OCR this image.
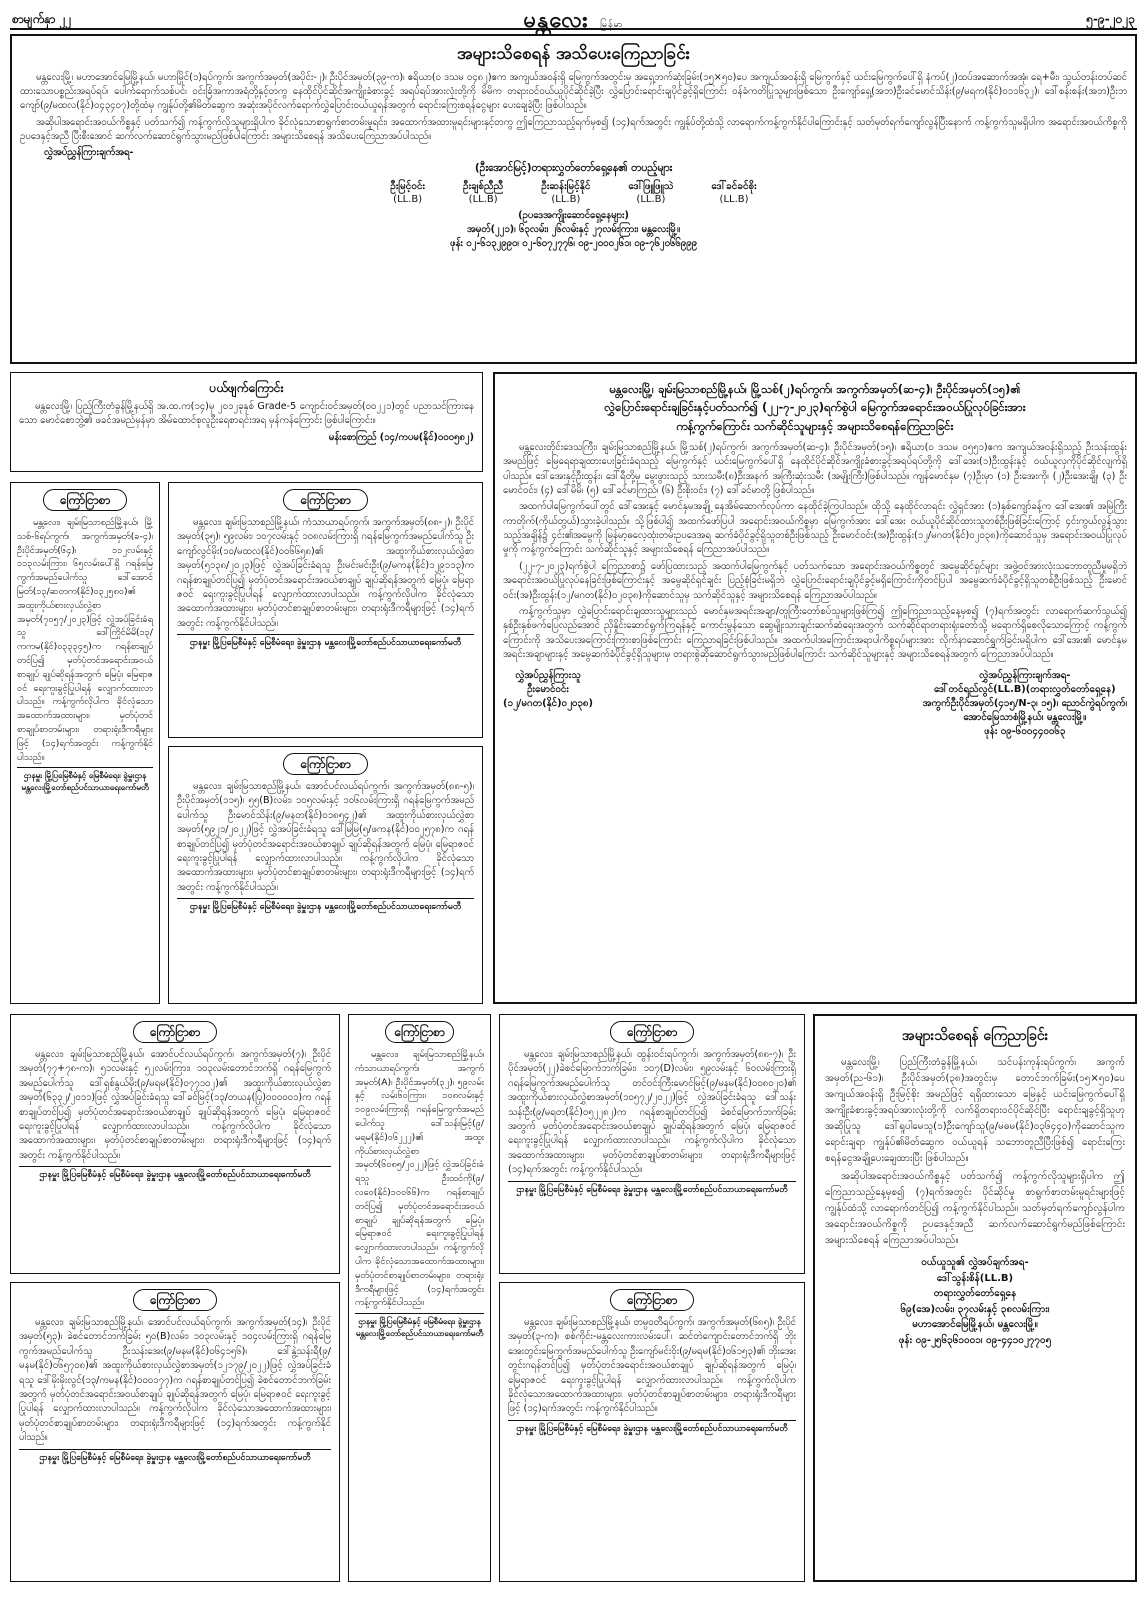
စာမျက်နှာ ၂၂	မန္တလေး မြန်မာ	၅-၉-၂၀၂၃
အများသိစေရန် အသိပေးကြေညာခြင်း
မန္တလေးမြို့၊ မဟာအောင်မြေမြို့နယ်၊ မဟာမြိုင်(၁)ရပ်ကွက်၊ အကွက်အမှတ်(အပိုင်း-၂)၊ ဦးပိုင်အမှတ်(၃၉-က)၊ ဧရိယာ(၀ ဒသမ ၀၄၈၂)ဧက အကျယ်အဝန်းရှိ မြေကွက်အတွင်းမှ အရှေ့ဘက်ဆုံးခြမ်း(၁၅×၅၀)ပေ အကျယ်အဝန်းရှိ မြေကွက်နှင့် ယင်းမြေကွက်ပေါ်ရှိ နံကပ်(၂)ထပ်အဆောက်အအုံ၊ ရေ+မီး၊ သွယ်တန်းတပ်ဆင်ထားသောပစ္စည်းအရပ်ရပ်၊ ပေါက်ရောက်သစ်ပင်၊ ဝင်းခြံအကာအရံတို့နှင့်တကွ နေထိုင်ပိုင်ဆိုင်အကျိုးခံစားခွင့် အရပ်ရပ်အားလုံးတို့ကို မိမိက တရားဝင်ဝယ်ယူပိုင်ဆိုင်ခဲ့ပြီး လွှဲပြောင်းရောင်းချပိုင်ခွင့်ရှိကြောင်း ဝန်ခံကတိပြုသူများဖြစ်သော ဦးကျော်ရှေ့(အဘ)ဦးခင်မောင်သိန်း(၉/မရက(နိုင်)၀၁၁၆၃၂)၊ ဒေါ်စန်းစန်း(အဘ)ဦးဘကျော်(၉/မထလ(နိုင်)၀၄၃၄၀၇)တို့ထံမှ ကျွန်ုပ်တို့၏မိတ်ဆွေက အဆုံးအပိုင်လက်ရောက်လွှဲပြောင်းဝယ်ယူရန်အတွက် ရောင်းကြေးစရန်ငွေများ ပေးချေခဲ့ပြီး ဖြစ်ပါသည်။
အဆိုပါအရောင်းအဝယ်ကိစ္စနှင့် ပတ်သက်၍ ကန့်ကွက်လိုသူများရှိပါက ခိုင်လုံသောစာရွက်စာတမ်းမူရင်း၊ အထောက်အထားမူရင်းများနှင့်တကွ ဤကြေညာသည့်ရက်မှစ၍ (၁၄)ရက်အတွင်း ကျွန်ုပ်တို့ထံသို့ လာရောက်ကန့်ကွက်နိုင်ပါကြောင်းနှင့် သတ်မှတ်ရက်ကျော်လွန်ပြီးနောက် ကန့်ကွက်သူမရှိပါက အရောင်းအဝယ်ကိစ္စကို ဥပဒေနှင့်အညီ ပြီးစီးအောင် ဆက်လက်ဆောင်ရွက်သွားမည်ဖြစ်ပါကြောင်း အများသိစေရန် အသိပေးကြေညာအပ်ပါသည်။
လွှဲအပ်ညွှန်ကြားချက်အရ-
(ဦးအောင်မြင့်)တရားလွှတ်တော်ရှေ့နေ၏ တပည့်များ
ဦးမြင့်ဝင်း
(LL.B)
ဦးချစ်ညီညီ
(LL.B)
ဦးဆန်းမြင့်နိုင်
(LL.B)
ဒေါ်ဖြူဖြူသဲ
(LL.B)
ဒေါ်ခင်ခင်စိုး
(LL.B)
(ဥပဒေအကျိုးဆောင်ရှေ့နေများ)
အမှတ်(၂၂၁)၊ ၆၃လမ်း၊ ၂၆လမ်းနှင့် ၂၇လမ်းကြား၊ မန္တလေးမြို့။
ဖုန်း ၀၂-၆၁၃၂၉၉၀၊ ၀၂-၆၀၇၂၇၇၆၊ ၀၉-၂၀၀၀၂၆၁၊ ၀၉-၇၆၂၀၆၆၉၉၉
ပယ်ဖျက်ကြောင်း
မန္တလေးမြို့၊ ပြည်ကြီးတံခွန်မြို့နယ်ရှိ အ.ထ.က(၁၄)မှ ၂၀၁၂ခုနှစ် Grade-5 ကျောင်းဝင်အမှတ်(၀၀၂၂၁)တွင် ပညာသင်ကြားနေသော မောင်စောဘွဲ့၏ ဖခင်အမည်မှန်မှာ အိမ်ထောင်စုလူဦးရေစာရင်းအရ မှန်ကန်ကြောင်း ဖြစ်ပါကြောင်း။
မန်းစောကြည် (၁၄/ကပမ(နိုင်)၀၀၀၅၈၂)
မန္တလေးမြို့၊ ချမ်းမြသာစည်မြို့နယ်၊ မြို့သစ်(၂)ရပ်ကွက်၊ အကွက်အမှတ်(ဆ-၄)၊ ဦးပိုင်အမှတ်(၁၅)၏
လွှဲပြောင်းရောင်းချခြင်းနှင့်ပတ်သက်၍ (၂၂-၇-၂၀၂၃)ရက်စွဲပါ မြေကွက်အရောင်းအဝယ်ပြုလုပ်ခြင်းအား
ကန့်ကွက်ကြောင်း သက်ဆိုင်သူများနှင့် အများသိစေရန်ကြေညာခြင်း
မန္တလေးတိုင်းဒေသကြီး၊ ချမ်းမြသာစည်မြို့နယ်၊ မြို့သစ်(၂)ရပ်ကွက်၊ အကွက်အမှတ်(ဆ-၄)၊ ဦးပိုင်အမှတ်(၁၅)၊ ဧရိယာ(၀ ဒသမ ၀၅၅၁)ဧက အကျယ်အဝန်းရှိသည့် ဦးသန်းထွန်းအမည်ဖြင့် မြေရေရာချထားပေးခြင်းခံရသည့် မြေကွက်နှင့် ယင်းမြေကွက်ပေါ်ရှိ နေထိုင်ပိုင်ဆိုင်အကျိုးခံစားခွင့်အရပ်ရပ်တို့ကို ဒေါ်အေး(၁)ဦးထွန်းနှင့် ဝယ်ယူလှကိုပိုင်ဆိုင်လျက်ရှိပါသည်။ ဒေါ်အေးနှင့်ဦးထွန်း၊ ဒေါ်ရီတို့မှ မွေးဖွားသည့် သားသမီး(၈)ဦးအနက် အကြီးဆုံးသမီး (အမျိုးကြီး)ဖြစ်ပါသည်။ ကျန်မောင်နှမ (၇)ဦးမှာ (၁) ဦးအေးကို၊ (၂)ဦးအေးချို၊ (၃) ဦးမောင်ဝင်း၊ (၄) ဒေါ်မိမိ၊ (၅) ဒေါ်ခင်မာကြည်၊ (၆) ဦးစိုးဝင်း၊ (၇) ဒေါ်ခင်မာတို့ ဖြစ်ပါသည်။
အထက်ပါမြေကွက်ပေါ်တွင် ဒေါ်အေးနှင့် မောင်နှမအချို့ နေအိမ်ဆောက်လုပ်ကာ နေထိုင်ခဲ့ကြပါသည်။ ထိုသို့ နေထိုင်လာရင်း လွှဲရှင်အား (၁)နှစ်ကျော်ခန့်က ဒေါ်အေး၏ အမြဲကြီးကာတိုက်(ကိုယ်တွယ်)သွားခဲ့ပါသည်။ သို့ဖြစ်ပါ၍ အထက်ဖော်ပြပါ အရောင်းအဝယ်ကိစ္စမှာ မြေကွက်အား ဒေါ်အေး ဝယ်ယူပိုင်ဆိုင်ထားသူတစ်ဦးဖြစ်ခြင်းကြောင့် ၄င်းကွယ်လွန်သွားသည့်အချိန်၌ ၄င်း၏အမွေကို မြန်မာ့ဓလေ့ထုံးတမ်းဥပဒေအရ ဆက်ခံပိုင်ခွင့်ရှိသူတစ်ဦးဖြစ်သည့် ဦးမောင်ဝင်း(အ)ဦးထွန်း(၁၂/မဂတ(နိုင်)၀၂၀၃၈)ကိုဆောင်သူမှ အရောင်းအဝယ်ပြုလုပ်မှုကို ကန့်ကွက်ကြောင်း သက်ဆိုင်သူနှင့် အများသိစေရန် ကြေညာအပ်ပါသည်။
(၂၂-၇-၂၀၂၃)ရက်စွဲပါ ကြေညာစာ၌ ဖော်ပြထားသည့် အထက်ပါမြေကွက်နှင့် ပတ်သက်သော အရောင်းအဝယ်ကိစ္စတွင် အမွေဆိုင်ရှင်များ အဖွဲ့ဝင်အားလုံးသဘောတူညီမှုမရှိဘဲ အရောင်းအဝယ်ပြုလုပ်နေခြင်းဖြစ်ကြောင်းနှင့် အမွေဆိုင်ရှင်ချင်း ပြည့်စုံခြင်းမရှိဘဲ လွှဲပြောင်းရောင်းချပိုင်ခွင့်မရှိကြောင်းကိုတင်ပြပါ အမွေဆက်ခံပိုင်ခွင့်ရှိသူတစ်ဦးဖြစ်သည့် ဦးမောင်ဝင်း(အ)ဦးထွန်း(၁၂/မဂတ(နိုင်)၀၂၀၃၈)ကိုဆောင်သူမှ သက်ဆိုင်သူနှင့် အများသိစေရန် ကြေညာအပ်ပါသည်။
ကန့်ကွက်သူမှာ လွှဲပြောင်းရောင်းချထားသူများသည် မောင်နှမအရင်းအချာ/တူကြီးတော်စပ်သူများဖြစ်ကြ၍ ဤကြေညာသည့်နေ့မှစ၍ (၇)ရက်အတွင်း လာရောက်ဆက်သွယ်၍ နှစ်ဦးနှစ်ဖက်ပြေလည်အောင် ညှိနှိုင်းဆောင်ရွက်ကြရန်နှင့် ကောင်းမွန်သော ဆွေမျိုးသားချင်းဆက်ဆံရေးအတွက် သက်ဆိုင်ရာတရားရုံးတော်သို့ မရောက်ရှိစေလိုသောကြောင့် ကန့်ကွက်ကြောင်းကို အသိပေးအကြောင်းကြားစာဖြစ်ကြောင်း ကြေညာရခြင်းဖြစ်ပါသည်။ အထက်ပါအကြောင်းအရာပါကိစ္စရပ်များအား လိုက်နာဆောင်ရွက်ခြင်းမရှိပါက ဒေါ်အေး၏ မောင်နှမအရင်းအချာများနှင့် အမွေဆက်ခံပိုင်ခွင့်ရှိသူများမှ တရားစွဲဆိုဆောင်ရွက်သွားမည်ဖြစ်ပါကြောင်း သက်ဆိုင်သူများနှင့် အများသိစေရန်အတွက် ကြေညာအပ်ပါသည်။
လွှဲအပ်ညွှန်ကြားသူ
ဦးမောင်ဝင်း
(၁၂/မဂတ(နိုင်)၀၂၀၃၈)
လွှဲအပ်ညွှန်ကြားချက်အရ-
ဒေါ်တင်ရည်လွင်(LL.B)(တရားလွှတ်တော်ရှေ့နေ)
အကွက်ဦးပိုင်အမှတ်(၄၁၅/N-၃၊ ၁၅)၊ ညောင်ကွဲရပ်ကွက်၊
အောင်မြေသာစံမြို့နယ်၊ မန္တလေးမြို့။
ဖုန်း ၀၉-၆၀၀၄၄၀၀၆၃
ကြော်ငြာစာ
မန္တလေး၊ ချမ်းမြသာစည်မြို့နယ်၊ မြို့သစ်-၆ရပ်ကွက်၊ အကွက်အမှတ်(ခ-၄)၊ ဦးပိုင်အမှတ်(၆၄)၊ ၁၁၂လမ်းနှင့် ၁၁၃လမ်းကြား၊ ၆၅လမ်းပေါ်ရှိ ဂရန်မြေကွက်အမည်ပေါက်သူ ဒေါ်အောင်မြတ်(၁၃/ဆတက(နိုင်)၀၃၂၅၈၀)၏ အထူးကိုယ်စားလှယ်လွှဲစာအမှတ်(၇၀၅၇/၂၀၂၃)ဖြင့် လွှဲအပ်ခြင်းခံရသူ ဒေါ်ကြိုင်မိမိ(၁၃/ကကမ(နိုင်)၀၃၃၃၄၅)က ဂရန်စာချုပ်တင်ပြ၍ မှတ်ပုံတင်အရောင်းအဝယ်စာချုပ် ချုပ်ဆိုရန်အတွက် မြေပုံ၊ မြေရာဇဝင် ရေးကူးခွင့်ပြုပါရန် လျှောက်ထားလာပါသည်။ ကန့်ကွက်လိုပါက ခိုင်လုံသော အထောက်အထားများ၊ မှတ်ပုံတင်စာချုပ်စာတမ်းများ၊ တရားရုံးဒီကရီများဖြင့် (၁၄)ရက်အတွင်း ကန့်ကွက်နိုင်ပါသည်။
ဌာနမှူး မြို့ပြမြေစီမံနှင့် မြေစီမံရေး၊ ခွဲမှူးဌာန မန္တလေးမြို့တော်စည်ပင်သာယာရေးကော်မတီ
ကြော်ငြာစာ
မန္တလေး၊ ချမ်းမြသာစည်မြို့နယ်၊ ကံသာယာရပ်ကွက်၊ အကွက်အမှတ်(၈၈-၂)၊ ဦးပိုင်အမှတ်(၃၅)၊ ၅၉လမ်း၊ ၁၀၇လမ်းနှင့် ၁၀၈လမ်းကြားရှိ ဂရန်မြေကွက်အမည်ပေါက်သူ ဦးကျော်လွင်မိုး(၁၀/မထလ(နိုင်)၀၀၆၆၅၈)၏ အထူးကိုယ်စားလှယ်လွှဲစာအမှတ်(၅၁၃၈/၂၀၂၃)ဖြင့် လွှဲအပ်ခြင်းခံရသူ ဦးမင်းမင်းဦး(၉/မကန(နိုင်)၁၂၉၁၁၃)က ဂရန်စာချုပ်တင်ပြ၍ မှတ်ပုံတင်အရောင်းအဝယ်စာချုပ် ချုပ်ဆိုရန်အတွက် မြေပုံ၊ မြေရာဇဝင် ရေးကူးခွင့်ပြုပါရန် လျှောက်ထားလာပါသည်။ ကန့်ကွက်လိုပါက ခိုင်လုံသောအထောက်အထားများ၊ မှတ်ပုံတင်စာချုပ်စာတမ်းများ၊ တရားရုံးဒီကရီများဖြင့် (၁၄)ရက်အတွင်း ကန့်ကွက်နိုင်ပါသည်။
ဌာနမှူး မြို့ပြမြေစီမံနှင့် မြေစီမံရေး၊ ခွဲမှူးဌာန မန္တလေးမြို့တော်စည်ပင်သာယာရေးကော်မတီ
ကြော်ငြာစာ
မန္တလေး၊ ချမ်းမြသာစည်မြို့နယ်၊ အောင်ပင်လယ်ရပ်ကွက်၊ အကွက်အမှတ်(၈၈-၅)၊ ဦးပိုင်အမှတ်(၁၁၅)၊ ၅၅(B)လမ်း၊ ၁၀၅လမ်းနှင့် ၁၀၆လမ်းကြားရှိ ဂရန်မြေကွက်အမည်ပေါက်သူ ဦးမောင်သိန်း(၉/မနတ(နိုင်)၀၁၈၅၄၂)၏ အထူးကိုယ်စားလှယ်လွှဲစာအမှတ်(၅၉၂၁/၂၀၂၂)ဖြင့် လွှဲအပ်ခြင်းခံရသူ ဒေါ်မြမြ(၅/ဖကန(နိုင်)၀၀၂၅၇၈)က ဂရန်စာချုပ်တင်ပြ၍ မှတ်ပုံတင်အရောင်းအဝယ်စာချုပ် ချုပ်ဆိုရန်အတွက် မြေပုံ၊ မြေရာဇဝင် ရေးကူးခွင့်ပြုပါရန် လျှောက်ထားလာပါသည်။ ကန့်ကွက်လိုပါက ခိုင်လုံသောအထောက်အထားများ၊ မှတ်ပုံတင်စာချုပ်စာတမ်းများ၊ တရားရုံးဒီကရီများဖြင့် (၁၄)ရက်အတွင်း ကန့်ကွက်နိုင်ပါသည်။
ဌာနမှူး မြို့ပြမြေစီမံနှင့် မြေစီမံရေး၊ ခွဲမှူးဌာန မန္တလေးမြို့တော်စည်ပင်သာယာရေးကော်မတီ
ကြော်ငြာစာ
မန္တလေး၊ ချမ်းမြသာစည်မြို့နယ်၊ အောင်ပင်လယ်ရပ်ကွက်၊ အကွက်အမှတ်(၇)၊ ဦးပိုင်အမှတ်(၇၇+၇၈-က)၊ ၅၁လမ်းနှင့် ၅၂လမ်းကြား၊ ၁၀၃လမ်းတောင်ဘက်ရှိ ဂရန်မြေကွက်အမည်ပေါက်သူ ဒေါ်ရှစ်နွယ်မိုး(၉/မရမ(နိုင်)၀၇၇၁၀၂)၏ အထူးကိုယ်စားလှယ်လွှဲစာအမှတ်(၆၃၃၂/၂၀၁၁)ဖြင့် လွှဲအပ်ခြင်းခံရသူ ဒေါ်ခင်မြင့်(၁၃/တယန(ပြု)၀၀၀၀၀၁)က ဂရန်စာချုပ်တင်ပြ၍ မှတ်ပုံတင်အရောင်းအဝယ်စာချုပ် ချုပ်ဆိုရန်အတွက် မြေပုံ၊ မြေရာဇဝင် ရေးကူးခွင့်ပြုပါရန် လျှောက်ထားလာပါသည်။ ကန့်ကွက်လိုပါက ခိုင်လုံသောအထောက်အထားများ၊ မှတ်ပုံတင်စာချုပ်စာတမ်းများ၊ တရားရုံးဒီကရီများဖြင့် (၁၄)ရက်အတွင်း ကန့်ကွက်နိုင်ပါသည်။
ဌာနမှူး မြို့ပြမြေစီမံနှင့် မြေစီမံရေး၊ ခွဲမှူးဌာန မန္တလေးမြို့တော်စည်ပင်သာယာရေးကော်မတီ
ကြော်ငြာစာ
မန္တလေး၊ ချမ်းမြသာစည်မြို့နယ်၊ ကံသာယာရပ်ကွက်၊ အကွက်အမှတ်(A)၊ ဦးပိုင်အမှတ်(၃၂)၊ ၅၉လမ်းနှင့် လမ်း၆၀ကြား၊ ၁၀၈လမ်းနှင့် ၁၀၉လမ်းကြားရှိ ဂရန်မြေကွက်အမည်ပေါက်သူ ဒေါ်သန်းမြင့်(၉/မရမ(နိုင်)၀၆၂၂၂)၏ အထူးကိုယ်စားလှယ်လွှဲစာအမှတ်(၆၀၈၅/၂၀၂၂)ဖြင့် လွှဲအပ်ခြင်းခံရသူ ဦးထင်ကို(၉/လဝေ(နိုင်)၁၀၀၆၆)က ဂရန်စာချုပ်တင်ပြ၍ မှတ်ပုံတင်အရောင်းအဝယ်စာချုပ် ချုပ်ဆိုရန်အတွက် မြေပုံ၊ မြေရာဇဝင် ရေးကူးခွင့်ပြုပါရန် လျှောက်ထားလာပါသည်။ ကန့်ကွက်လိုပါက ခိုင်လုံသောအထောက်အထားများ၊ မှတ်ပုံတင်စာချုပ်စာတမ်းများ၊ တရားရုံးဒီကရီများဖြင့် (၁၄)ရက်အတွင်း ကန့်ကွက်နိုင်ပါသည်။
ဌာနမှူး မြို့ပြမြေစီမံနှင့် မြေစီမံရေး၊ ခွဲမှူးဌာန မန္တလေးမြို့တော်စည်ပင်သာယာရေးကော်မတီ
ကြော်ငြာစာ
မန္တလေး၊ ချမ်းမြသာစည်မြို့နယ်၊ ထွန်းဝင်းရပ်ကွက်၊ အကွက်အမှတ်(၈၈-၇)၊ ဦးပိုင်အမှတ်(၂၂)ခဲစင်မြောက်ဘက်ခြမ်း၊ ၁၀၇(D)လမ်း၊ ၅၉လမ်းနှင့် ၆၀လမ်းကြားရှိ ဂရန်မြေကွက်အမည်ပေါက်သူ တင်ဝင်းကြီးမောင်မြင့်(၉/မနမ(နိုင်)၀၀၈၀၂၀)၏ အထူးကိုယ်စားလှယ်လွှဲစာအမှတ်(၁၀၅၇၂/၂၀၂၂)ဖြင့် လွှဲအပ်ခြင်းခံရသူ ဒေါ်သန်းသန်းဦး(၉/မရတ(နိုင်)၀၅၂၂၈၂)က ဂရန်စာချုပ်တင်ပြ၍ ခဲစင်မြောက်ဘက်ခြမ်း အတွက် မှတ်ပုံတင်အရောင်းအဝယ်စာချုပ် ချုပ်ဆိုရန်အတွက် မြေပုံ၊ မြေရာဇဝင် ရေးကူးခွင့်ပြုပါရန် လျှောက်ထားလာပါသည်။ ကန့်ကွက်လိုပါက ခိုင်လုံသောအထောက်အထားများ၊ မှတ်ပုံတင်စာချုပ်စာတမ်းများ၊ တရားရုံးဒီကရီများဖြင့် (၁၄)ရက်အတွင်း ကန့်ကွက်နိုင်ပါသည်။
ဌာနမှူး မြို့ပြမြေစီမံနှင့် မြေစီမံရေး၊ ခွဲမှူးဌာန မန္တလေးမြို့တော်စည်ပင်သာယာရေးကော်မတီ
ကြော်ငြာစာ
မန္တလေး၊ ချမ်းမြသာစည်မြို့နယ်၊ အောင်ပင်လယ်ရပ်ကွက်၊ အကွက်အမှတ်(၁၄)၊ ဦးပိုင်အမှတ်(၅၃)၊ ခဲစင်တောင်ဘက်ခြမ်း ၅၀(B)လမ်း၊ ၁၀၃လမ်းနှင့် ၁၀၄လမ်းကြားရှိ ဂရန်မြေကွက်အမည်ပေါက်သူ ဦးသန်းအေး(၉/မနမ(နိုင်)၀၆၄၁၅၆)၊ ဒေါ်နွဲ့သန်းရီ(၉/မနမ(နိုင်)၀၆၅၇၀၈)၏ အထူးကိုယ်စားလှယ်လွှဲစာအမှတ်(၁၂၁၇၉/၂၀၂၂)ဖြင့် လွှဲအပ်ခြင်းခံရသူ ဒေါ်မိုးမိုးလွင်(၁၃/ကမန(နိုင်)၀၀၀၁၇၇)က ဂရန်စာချုပ်တင်ပြ၍ ခဲစင်တောင်ဘက်ခြမ်းအတွက် မှတ်ပုံတင်အရောင်းအဝယ်စာချုပ် ချုပ်ဆိုရန်အတွက် မြေပုံ၊ မြေရာဇဝင် ရေးကူးခွင့်ပြုပါရန် လျှောက်ထားလာပါသည်။ ကန့်ကွက်လိုပါက ခိုင်လုံသောအထောက်အထားများ၊ မှတ်ပုံတင်စာချုပ်စာတမ်းများ၊ တရားရုံးဒီကရီများဖြင့် (၁၄)ရက်အတွင်း ကန့်ကွက်နိုင်ပါသည်။
ဌာနမှူး မြို့ပြမြေစီမံနှင့် မြေစီမံရေး၊ ခွဲမှူးဌာန မန္တလေးမြို့တော်စည်ပင်သာယာရေးကော်မတီ
ကြော်ငြာစာ
မန္တလေး၊ ချမ်းမြသာစည်မြို့နယ်၊ တမ္ပဝတီရပ်ကွက်၊ အကွက်အမှတ်(၆၈၅)၊ ဦးပိုင်အမှတ်(၃-က)၊ စစ်ကိုင်း-မန္တလေးကားလမ်းပေါ်၊ ဆင်တဲကျောင်းတောင်ဘက်ရှိ ဘိုးအေးတွင်းမြေကွက်အမည်ပေါက်သူ ဦးကျော်မင်းဝိုး(၉/မရမ(နိုင်)၀၆၁၅၃)၏ ဘိုးအေးတွင်းဂရန်တင်ပြ၍ မှတ်ပုံတင်အရောင်းအဝယ်စာချုပ် ချုပ်ဆိုရန်အတွက် မြေပုံ၊ မြေရာဇဝင် ရေးကူးခွင့်ပြုပါရန် လျှောက်ထားလာပါသည်။ ကန့်ကွက်လိုပါက ခိုင်လုံသောအထောက်အထားများ၊ မှတ်ပုံတင်စာချုပ်စာတမ်းများ၊ တရားရုံးဒီကရီများဖြင့် (၁၄)ရက်အတွင်း ကန့်ကွက်နိုင်ပါသည်။
ဌာနမှူး မြို့ပြမြေစီမံနှင့် မြေစီမံရေး၊ ခွဲမှူးဌာန မန္တလေးမြို့တော်စည်ပင်သာယာရေးကော်မတီ
အများသိစေရန် ကြေညာခြင်း
မန္တလေးမြို့၊ ပြည်ကြီးတံခွန်မြို့နယ်၊ သင်ပန်းကုန်းရပ်ကွက်၊ အကွက်အမှတ်(ည-၆၁)၊ ဦးပိုင်အမှတ်(၃၈)အတွင်းမှ တောင်ဘက်ခြမ်း(၁၅×၅၀)ပေ အကျယ်အဝန်းရှိ ဦးမြင့်စိုး အမည်ဖြင့် ရရှိထားသော မြေနှင့် ယင်းမြေကွက်ပေါ်ရှိ အကျိုးခံစားခွင့်အရပ်အားလုံးတို့ကို လက်ရှိတရားဝင်ပိုင်ဆိုင်ပြီး ရောင်းချခွင့်ရှိသူဟု အဆိုပြုသူ ဒေါ်ရူပါမေသူ(၁)ဦးကျော်သူ(၉/မဓမ(နိုင်)၀၃၆၄၄၀)ကိုဆောင်သူက ရောင်းချရာ ကျွန်ုပ်၏မိတ်ဆွေက ဝယ်ယူရန် သဘောတူညီပြီးဖြစ်၍ ရောင်းကြေးစရန်ငွေအချို့ပေးချေထားပြီး ဖြစ်ပါသည်။
အဆိုပါအရောင်းအဝယ်ကိစ္စနှင့် ပတ်သက်၍ ကန့်ကွက်လိုသူများရှိပါက ဤကြေညာသည့်နေ့မှစ၍ (၇)ရက်အတွင်း ပိုင်ဆိုင်မှု စာရွက်စာတမ်းမူရင်းများဖြင့် ကျွန်ုပ်ထံသို့ လာရောက်တင်ပြ၍ ကန့်ကွက်နိုင်ပါသည်။ သတ်မှတ်ရက်ကျော်လွန်ပါက အရောင်းအဝယ်ကိစ္စကို ဥပဒေနှင့်အညီ ဆက်လက်ဆောင်ရွက်မည်ဖြစ်ကြောင်း အများသိစေရန် ကြေညာအပ်ပါသည်။
ဝယ်ယူသူ၏ လွှဲအပ်ချက်အရ-
ဒေါ်သွန်းစိန်(LL.B)
တရားလွှတ်တော်ရှေ့နေ
၆၉(အေ)လမ်း၊ ၃၇လမ်းနှင့် ၃၈လမ်းကြား၊
မဟာအောင်မြေမြို့နယ်၊ မန္တလေးမြို့။
ဖုန်း ၀၉-၂၅၆၃၆၁၀၀၁၊ ၀၉-၄၄၁၀၂၇၇၀၅
